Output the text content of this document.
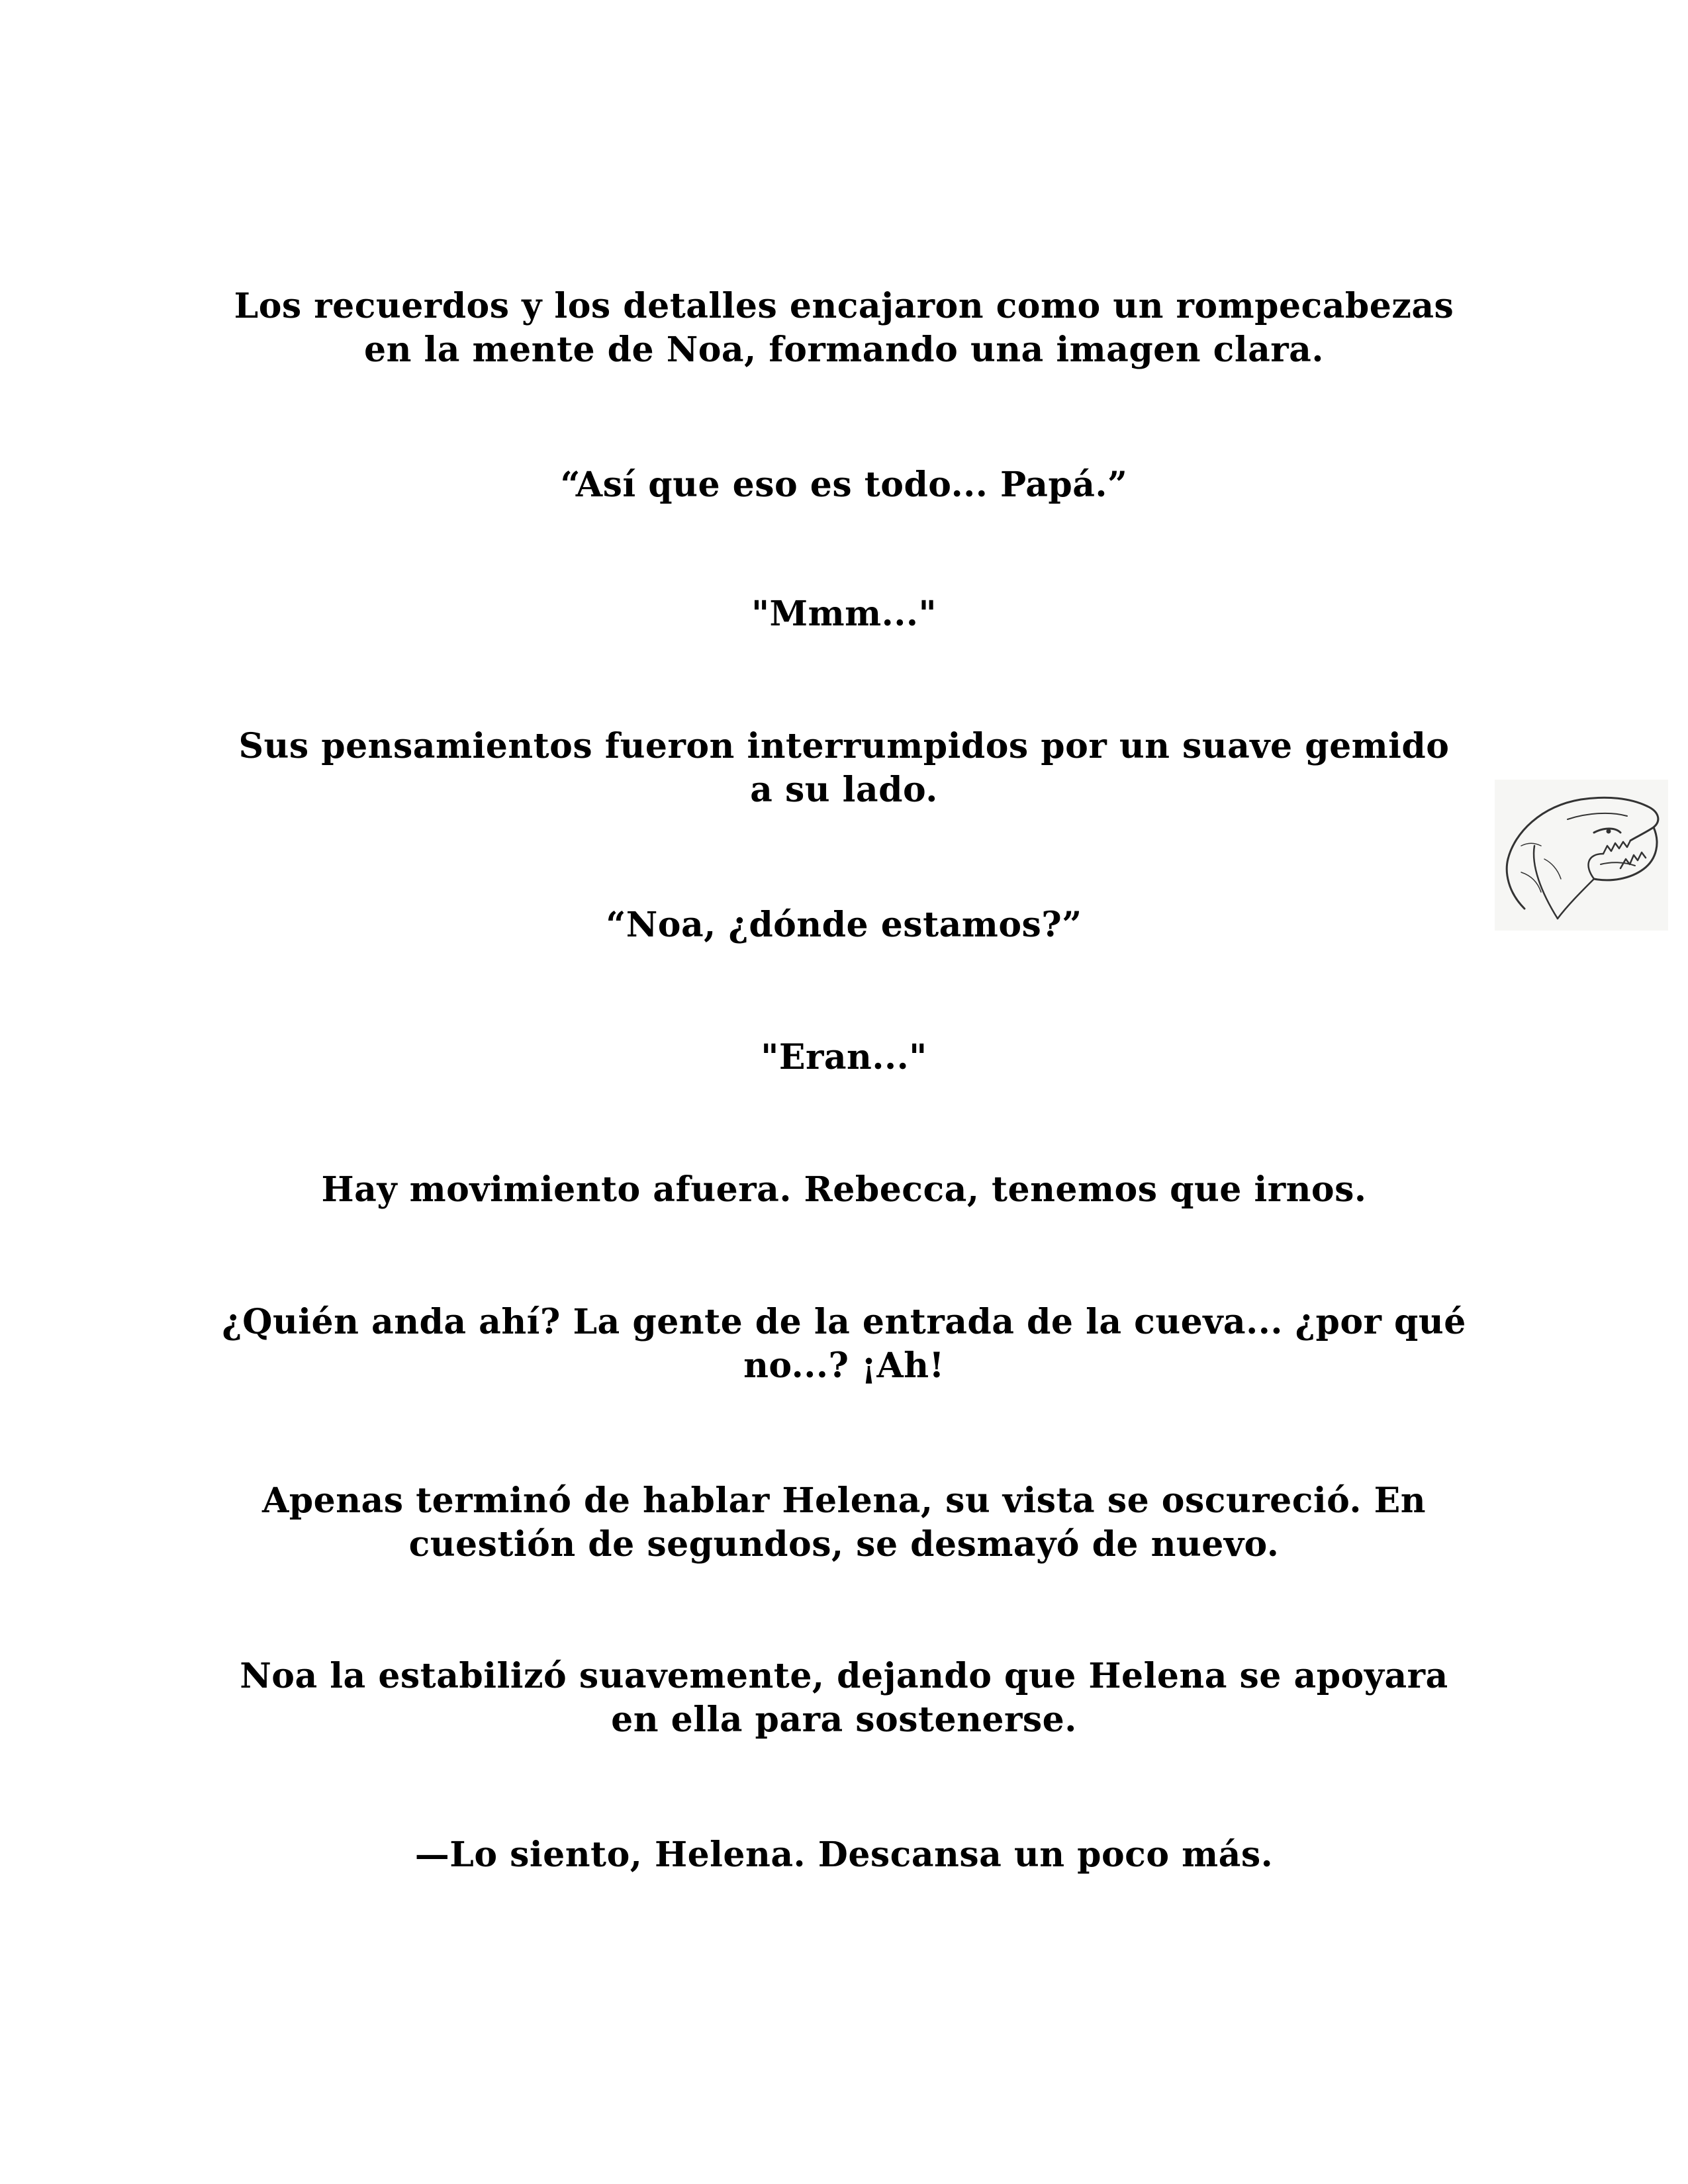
Los recuerdos y los detalles encajaron como un rompecabezas
en la mente de Noa, formando una imagen clara.

“Así que eso es todo... Papá.”

"Mmm..."

Sus pensamientos fueron interrumpidos por un suave gemido
a su lado.

“Noa, ¿dónde estamos?”

"Eran..."

Hay movimiento afuera. Rebecca, tenemos que irnos.

¿Quién anda ahí? La gente de la entrada de la cueva... ¿por qué
no...? ¡Ah!

Apenas terminó de hablar Helena, su vista se oscureció. En
cuestión de segundos, se desmayó de nuevo.

Noa la estabilizó suavemente, dejando que Helena se apoyara
en ella para sostenerse.

—Lo siento, Helena. Descansa un poco más.
